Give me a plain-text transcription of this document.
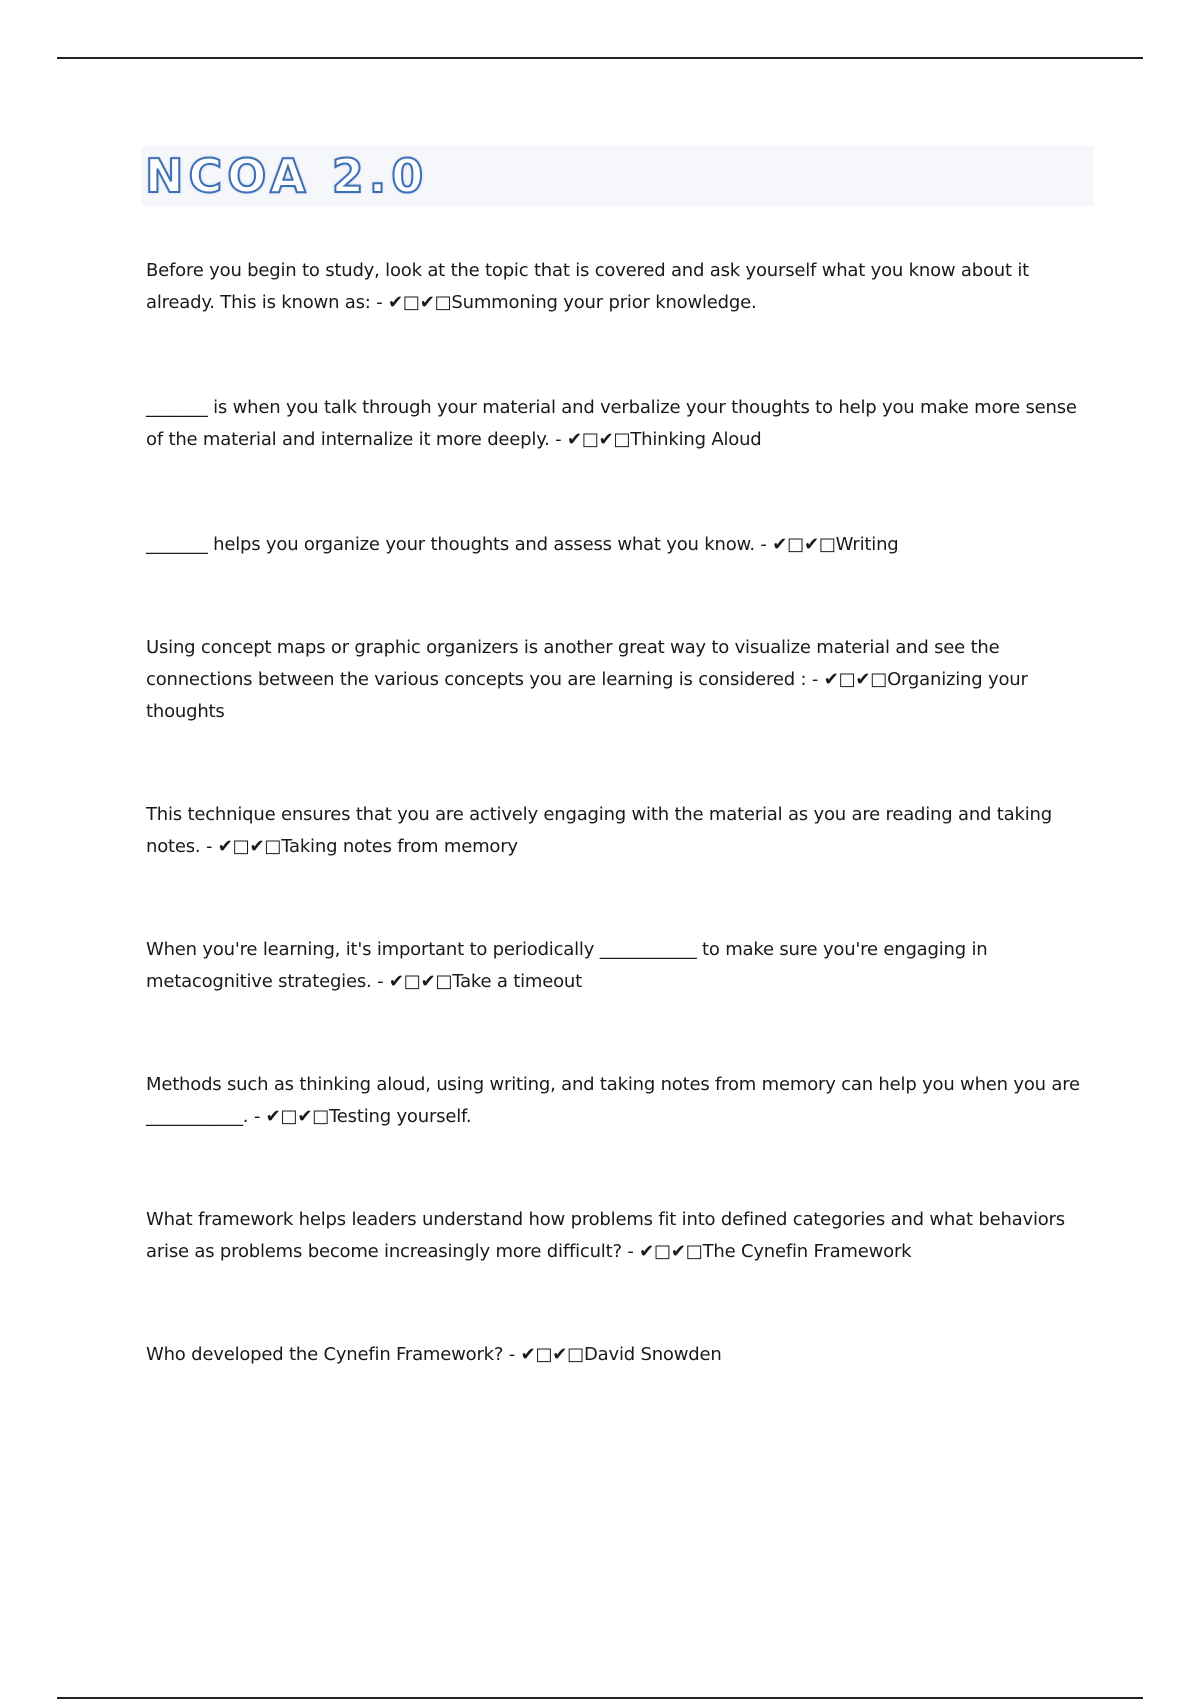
NCOA 2.0

Before you begin to study, look at the topic that is covered and ask yourself what you know about it already. This is known as: - ✔□✔□Summoning your prior knowledge.

_______ is when you talk through your material and verbalize your thoughts to help you make more sense of the material and internalize it more deeply. - ✔□✔□Thinking Aloud

_______ helps you organize your thoughts and assess what you know. - ✔□✔□Writing

Using concept maps or graphic organizers is another great way to visualize material and see the connections between the various concepts you are learning is considered : - ✔□✔□Organizing your thoughts

This technique ensures that you are actively engaging with the material as you are reading and taking notes. - ✔□✔□Taking notes from memory

When you're learning, it's important to periodically ___________ to make sure you're engaging in metacognitive strategies. - ✔□✔□Take a timeout

Methods such as thinking aloud, using writing, and taking notes from memory can help you when you are ___________. - ✔□✔□Testing yourself.

What framework helps leaders understand how problems fit into defined categories and what behaviors arise as problems become increasingly more difficult? - ✔□✔□The Cynefin Framework

Who developed the Cynefin Framework? - ✔□✔□David Snowden
